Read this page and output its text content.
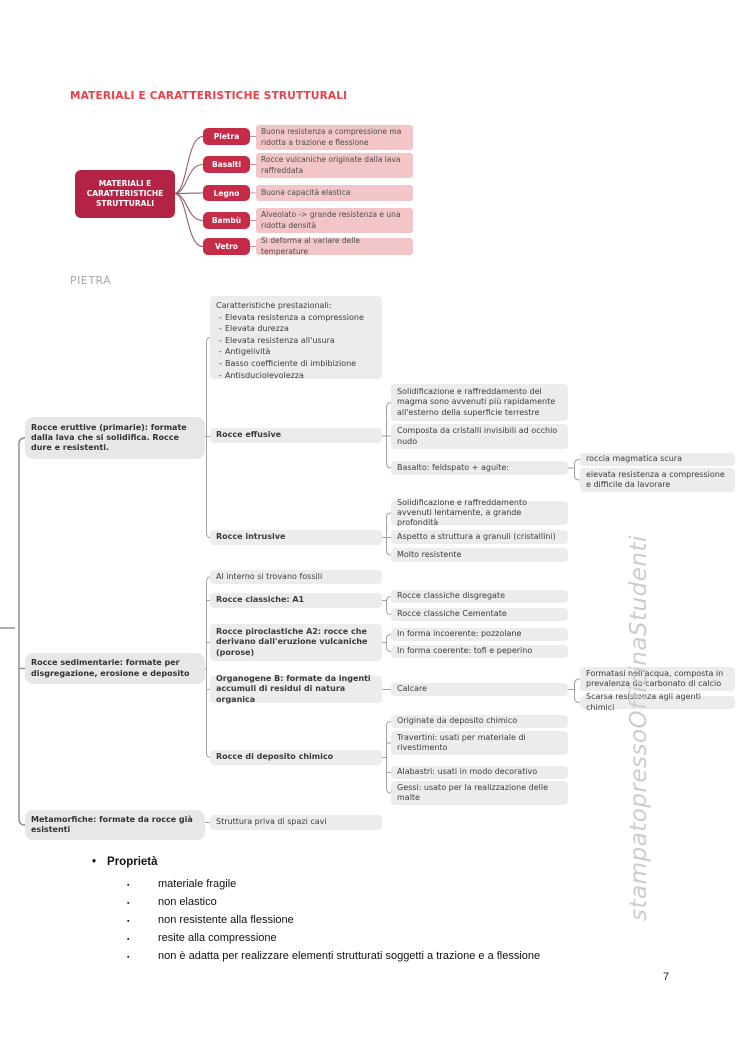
MATERIALI E CARATTERISTICHE STRUTTURALI
PIETRA
MATERIALI E CARATTERISTICHE STRUTTURALI
Pietra
Basalti
Legno
Bambù
Vetro
Buona resistenza a compressione ma ridotta a trazione e flessione
Rocce vulcaniche originate dalla lava raffreddata
Buona capacità elastica
Alveolato -> grande resistenza e una ridotta densità
Si deforma al variare delle temperature
Caratteristiche prestazionali:
- Elevata resistenza a compressione
- Elevata durezza
- Elevata resistenza all'usura
- Antigelività
- Basso coefficiente di imbibizione
- Antisduciolevolezza
Rocce eruttive (primarie): formate dalla lava che si solidifica. Rocce dure e resistenti.
Rocce sedimentarie: formate per disgregazione, erosione e deposito
Metamorfiche: formate da rocce già esistenti
Rocce effusive
Rocce intrusive
Al interno si trovano fossili
Rocce classiche: A1
Rocce piroclastiche A2: rocce che derivano dall'eruzione vulcaniche (porose)
Organogene B: formate da ingenti accumuli di residui di natura organica
Rocce di deposito chimico
Struttura priva di spazi cavi
Solidificazione e raffreddamento del magma sono avvenuti più rapidamente all'esterno della superficie terrestre
Composta da cristalli invisibili ad occhio nudo
Basalto: feldspato + aguite:
Solidificazione e raffreddamento avvenuti lentamente, a grande profondità
Aspetto a struttura a granuli (cristallini)
Molto resistente
Rocce classiche disgregate
Rocce classiche Cementate
In forma incoerente: pozzolane
In forma coerente: tofi e peperino
Calcare
Originate da deposito chimico
Travertini: usati per materiale di rivestimento
Alabastri: usati in modo decorativo
Gessi: usato per la realizzazione delle malte
roccia magmatica scura
elevata resistenza a compressione e difficile da lavorare
Formatasi nell'acqua, composta in prevalenza da carbonato di calcio
Scarsa resistenza agli agenti chimici stampatopressoOfficinaStudenti
• Proprietà
▪	materiale fragile
▪	non elastico
▪	non resistente alla flessione
▪	resite alla compressione
▪	non è adatta per realizzare elementi strutturati soggetti a trazione e a flessione
7
